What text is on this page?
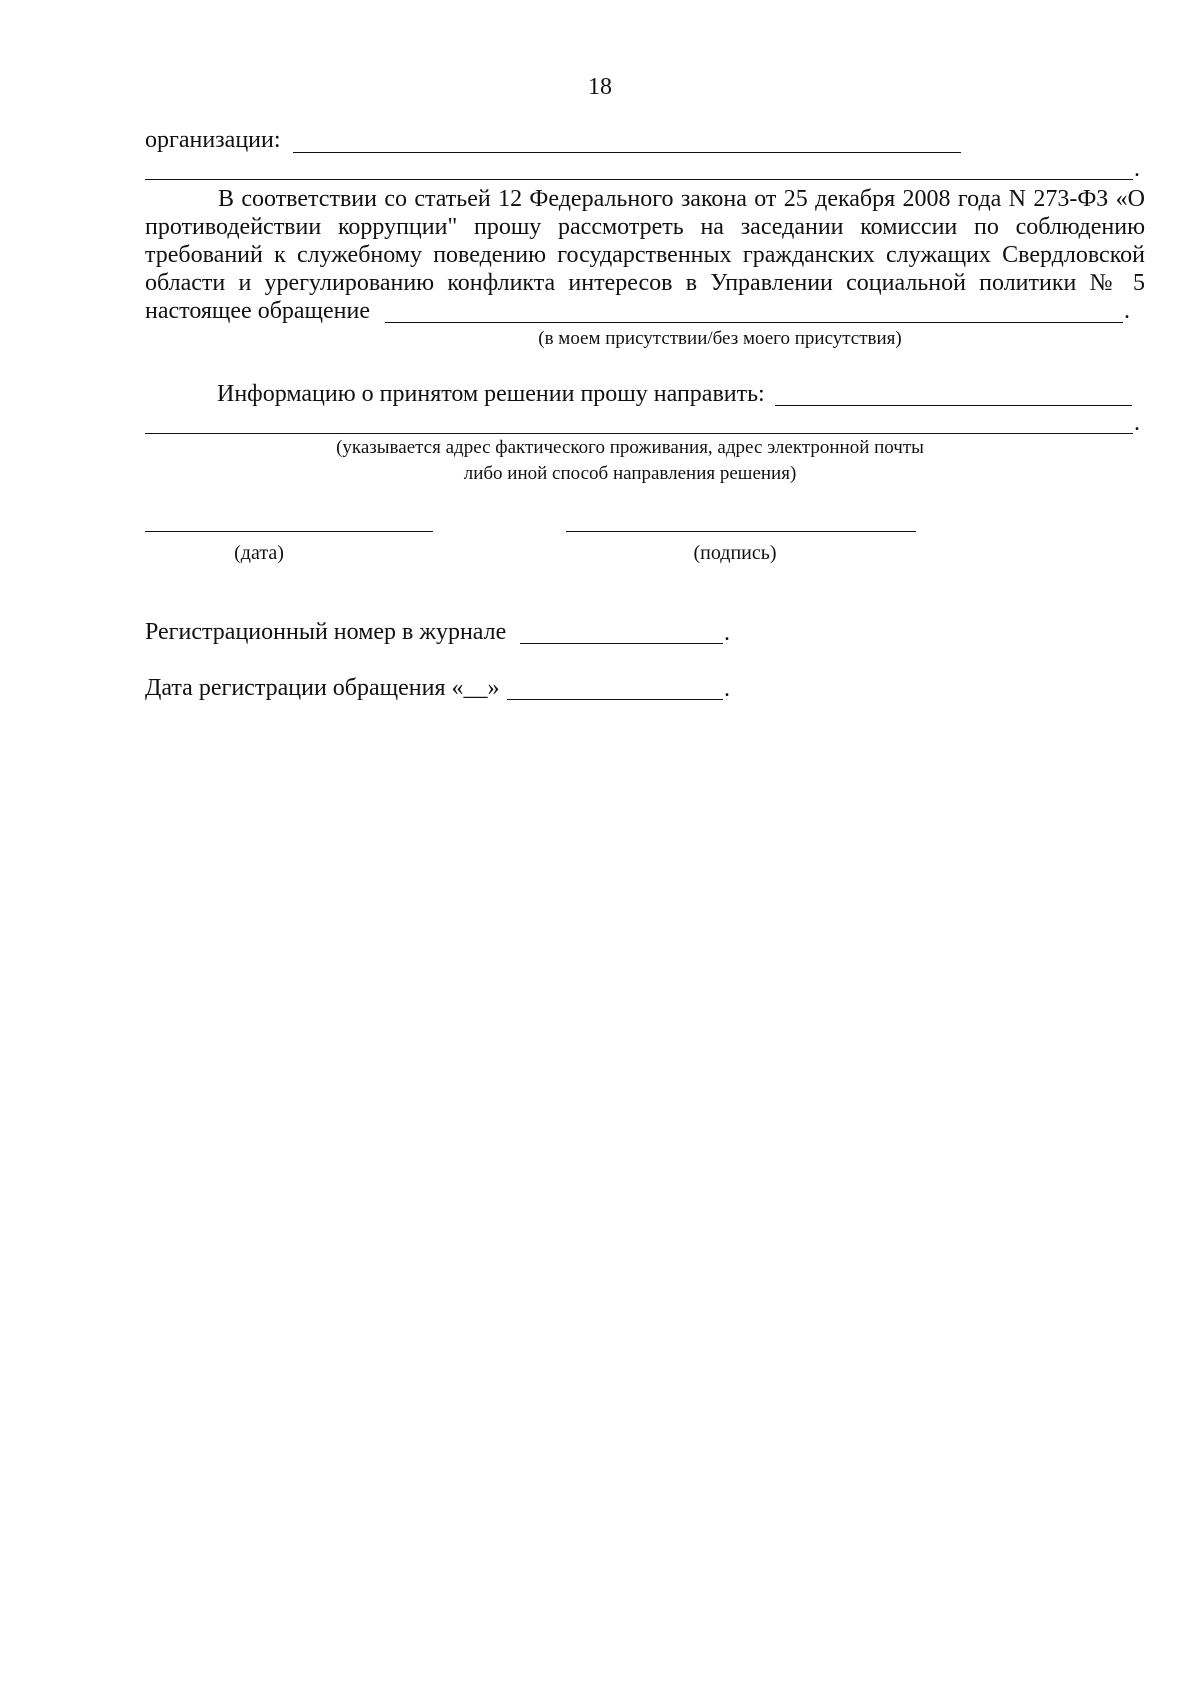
18
организации:
.
В соответствии со статьей 12 Федерального закона от 25 декабря 2008 года N 273-ФЗ «О
противодействии коррупции" прошу рассмотреть на заседании комиссии по соблюдению
требований к служебному поведению государственных гражданских служащих Свердловской
области и урегулированию конфликта интересов в Управлении социальной политики № 5
настоящее обращение	.
(в моем присутствии/без моего присутствия)
Информацию о принятом решении прошу направить:
.
(указывается адрес фактического проживания, адрес электронной почты
либо иной способ направления решения)
(дата)	(подпись)
Регистрационный номер в журнале	.
Дата регистрации обращения «__»	.
